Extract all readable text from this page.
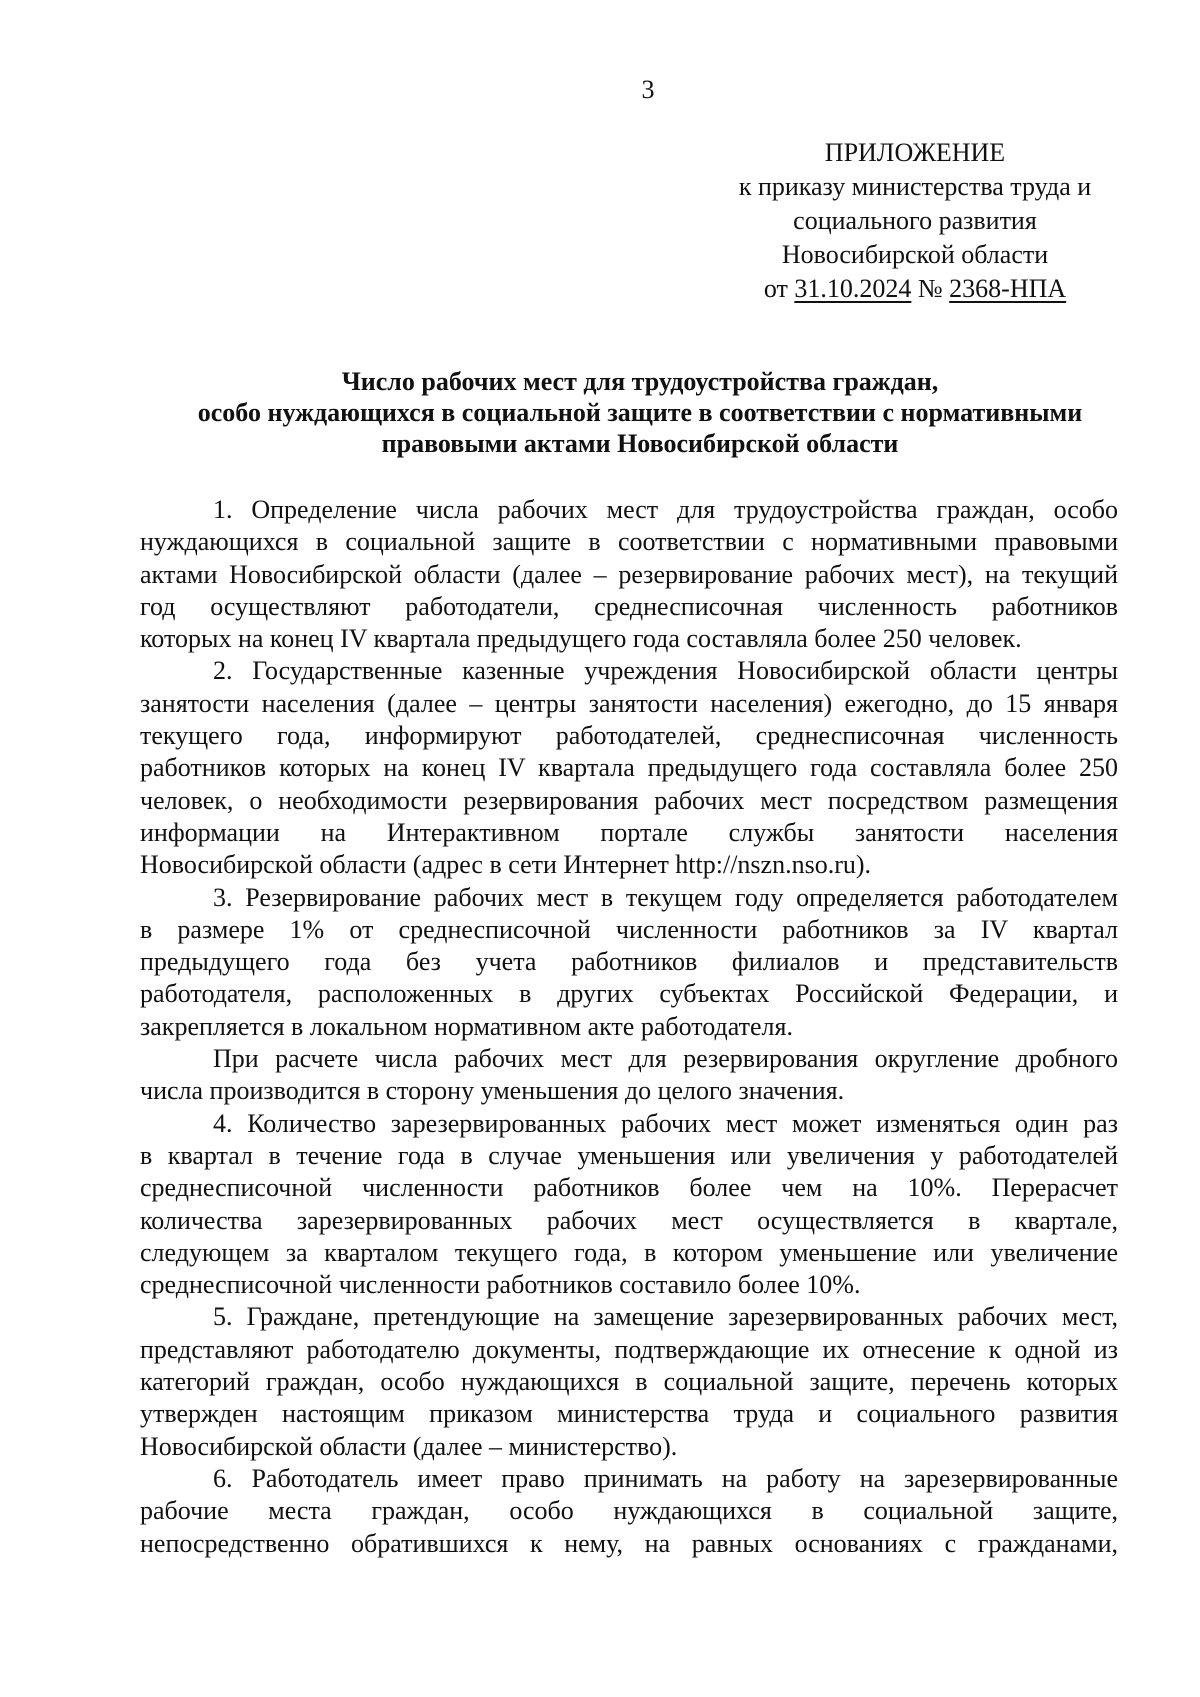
3
ПРИЛОЖЕНИЕ
к приказу министерства труда и
социального развития
Новосибирской области
от 31.10.2024 № 2368-НПА
Число рабочих мест для трудоустройства граждан,
особо нуждающихся в социальной защите в соответствии с нормативными
правовыми актами Новосибирской области
1. Определение числа рабочих мест для трудоустройства граждан, особо
нуждающихся в социальной защите в соответствии с нормативными правовыми
актами Новосибирской области (далее – резервирование рабочих мест), на текущий
год осуществляют работодатели, среднесписочная численность работников
которых на конец IV квартала предыдущего года составляла более 250 человек.
2. Государственные казенные учреждения Новосибирской области центры
занятости населения (далее – центры занятости населения) ежегодно, до 15 января
текущего года, информируют работодателей, среднесписочная численность
работников которых на конец IV квартала предыдущего года составляла более 250
человек, о необходимости резервирования рабочих мест посредством размещения
информации на Интерактивном портале службы занятости населения
Новосибирской области (адрес в сети Интернет http://nszn.nso.ru).
3. Резервирование рабочих мест в текущем году определяется работодателем
в размере 1% от среднесписочной численности работников за IV квартал
предыдущего года без учета работников филиалов и представительств
работодателя, расположенных в других субъектах Российской Федерации, и
закрепляется в локальном нормативном акте работодателя.
При расчете числа рабочих мест для резервирования округление дробного
числа производится в сторону уменьшения до целого значения.
4. Количество зарезервированных рабочих мест может изменяться один раз
в квартал в течение года в случае уменьшения или увеличения у работодателей
среднесписочной численности работников более чем на 10%. Перерасчет
количества зарезервированных рабочих мест осуществляется в квартале,
следующем за кварталом текущего года, в котором уменьшение или увеличение
среднесписочной численности работников составило более 10%.
5. Граждане, претендующие на замещение зарезервированных рабочих мест,
представляют работодателю документы, подтверждающие их отнесение к одной из
категорий граждан, особо нуждающихся в социальной защите, перечень которых
утвержден настоящим приказом министерства труда и социального развития
Новосибирской области (далее – министерство).
6. Работодатель имеет право принимать на работу на зарезервированные
рабочие места граждан, особо нуждающихся в социальной защите,
непосредственно обратившихся к нему, на равных основаниях с гражданами,
